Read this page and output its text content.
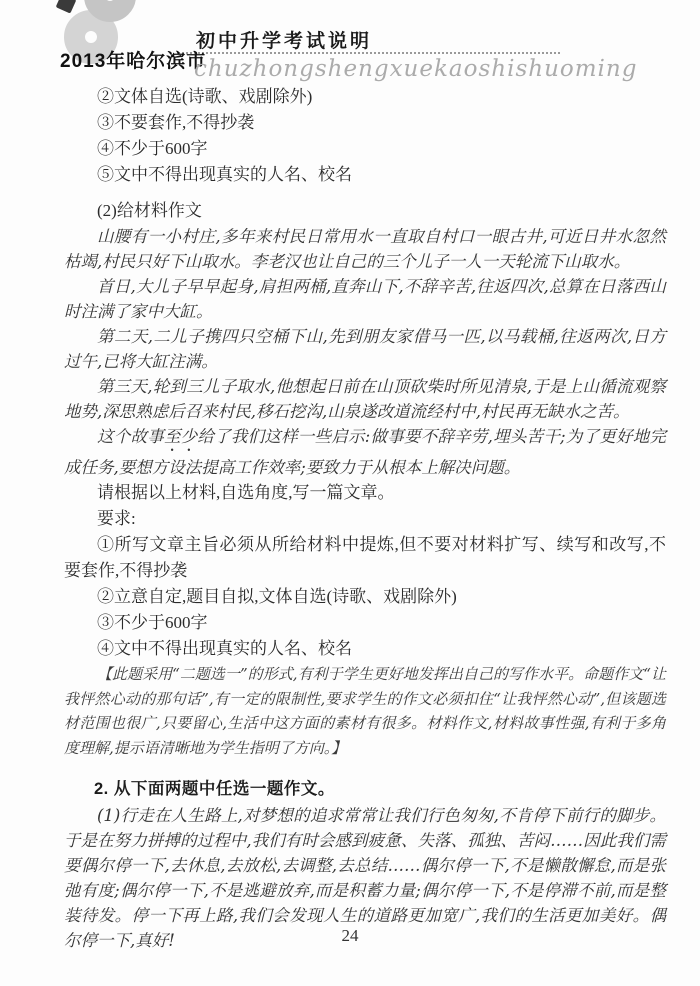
2013年哈尔滨市
初中升学考试说明
chuzhongshengxuekaoshishuoming

②文体自选(诗歌、戏剧除外)

③不要套作,不得抄袭

④不少于600字

⑤文中不得出现真实的人名、校名

(2)给材料作文

山腰有一小村庄,多年来村民日常用水一直取自村口一眼古井,可近日井水忽然枯竭,村民只好下山取水。李老汉也让自己的三个儿子一人一天轮流下山取水。

首日,大儿子早早起身,肩担两桶,直奔山下,不辞辛苦,往返四次,总算在日落西山时注满了家中大缸。

第二天,二儿子携四只空桶下山,先到朋友家借马一匹,以马载桶,往返两次,日方过午,已将大缸注满。

第三天,轮到三儿子取水,他想起日前在山顶砍柴时所见清泉,于是上山循流观察地势,深思熟虑后召来村民,移石挖沟,山泉遂改道流经村中,村民再无缺水之苦。

这个故事至少给了我们这样一些启示:做事要不辞辛劳,埋头苦干;为了更好地完成任务,要想方设法提高工作效率;要致力于从根本上解决问题。

请根据以上材料,自选角度,写一篇文章。

要求:

①所写文章主旨必须从所给材料中提炼,但不要对材料扩写、续写和改写,不要套作,不得抄袭

②立意自定,题目自拟,文体自选(诗歌、戏剧除外)

③不少于600字

④文中不得出现真实的人名、校名

【此题采用“二题选一”的形式,有利于学生更好地发挥出自己的写作水平。命题作文“让我怦然心动的那句话”,有一定的限制性,要求学生的作文必须扣住“让我怦然心动”,但该题选材范围也很广,只要留心,生活中这方面的素材有很多。材料作文,材料故事性强,有利于多角度理解,提示语清晰地为学生指明了方向。】

2. 从下面两题中任选一题作文。

(1)行走在人生路上,对梦想的追求常常让我们行色匆匆,不肯停下前行的脚步。于是在努力拼搏的过程中,我们有时会感到疲惫、失落、孤独、苦闷……因此我们需要偶尔停一下,去休息,去放松,去调整,去总结……偶尔停一下,不是懒散懈怠,而是张弛有度;偶尔停一下,不是逃避放弃,而是积蓄力量;偶尔停一下,不是停滞不前,而是整装待发。停一下再上路,我们会发现人生的道路更加宽广,我们的生活更加美好。偶尔停一下,真好!	24
